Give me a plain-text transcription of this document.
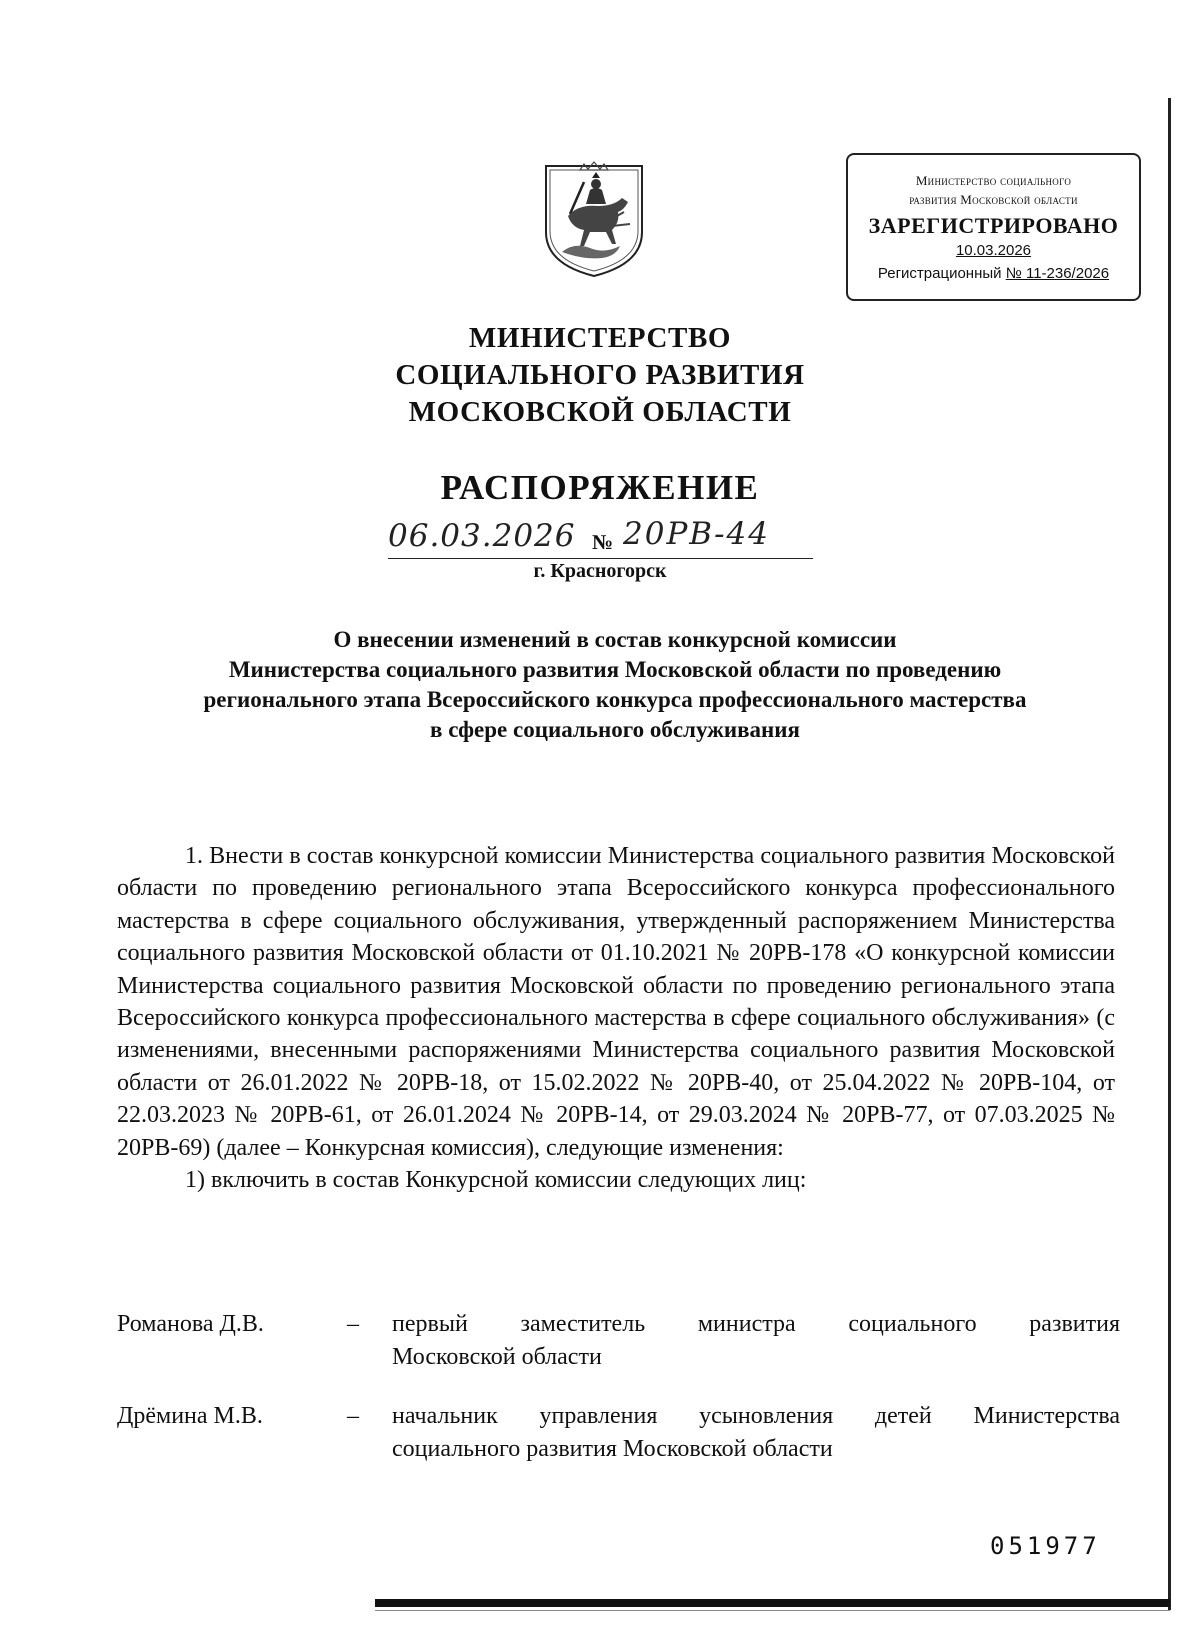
Министерство социального
развития Московской области
ЗАРЕГИСТРИРОВАНО
10.03.2026
Регистрационный № 11-236/2026
МИНИСТЕРСТВО
СОЦИАЛЬНОГО РАЗВИТИЯ
МОСКОВСКОЙ ОБЛАСТИ
РАСПОРЯЖЕНИЕ
06.03.2026 № 20РВ-44
г. Красногорск
О внесении изменений в состав конкурсной комиссии
Министерства социального развития Московской области по проведению
регионального этапа Всероссийского конкурса профессионального мастерства
в сфере социального обслуживания

1. Внести в состав конкурсной комиссии Министерства социального развития Московской области по проведению регионального этапа Всероссийского конкурса профессионального мастерства в сфере социального обслуживания, утвержденный распоряжением Министерства социального развития Московской области от 01.10.2021 № 20РВ-178 «О конкурсной комиссии Министерства социального развития Московской области по проведению регионального этапа Всероссийского конкурса профессионального мастерства в сфере социального обслуживания» (с изменениями, внесенными распоряжениями Министерства социального развития Московской области от 26.01.2022 № 20РВ-18, от 15.02.2022 № 20РВ-40, от 25.04.2022 № 20РВ-104, от 22.03.2023 № 20РВ-61, от 26.01.2024 № 20РВ-14, от 29.03.2024 № 20РВ-77, от 07.03.2025 № 20РВ-69) (далее – Конкурсная комиссия), следующие изменения:

1) включить в состав Конкурсной комиссии следующих лиц:

Романова Д.В.	– первый заместитель министра социального развития
Московской области
Дрёмина М.В.	– начальник управления усыновления детей Министерства
социального развития Московской области
051977
